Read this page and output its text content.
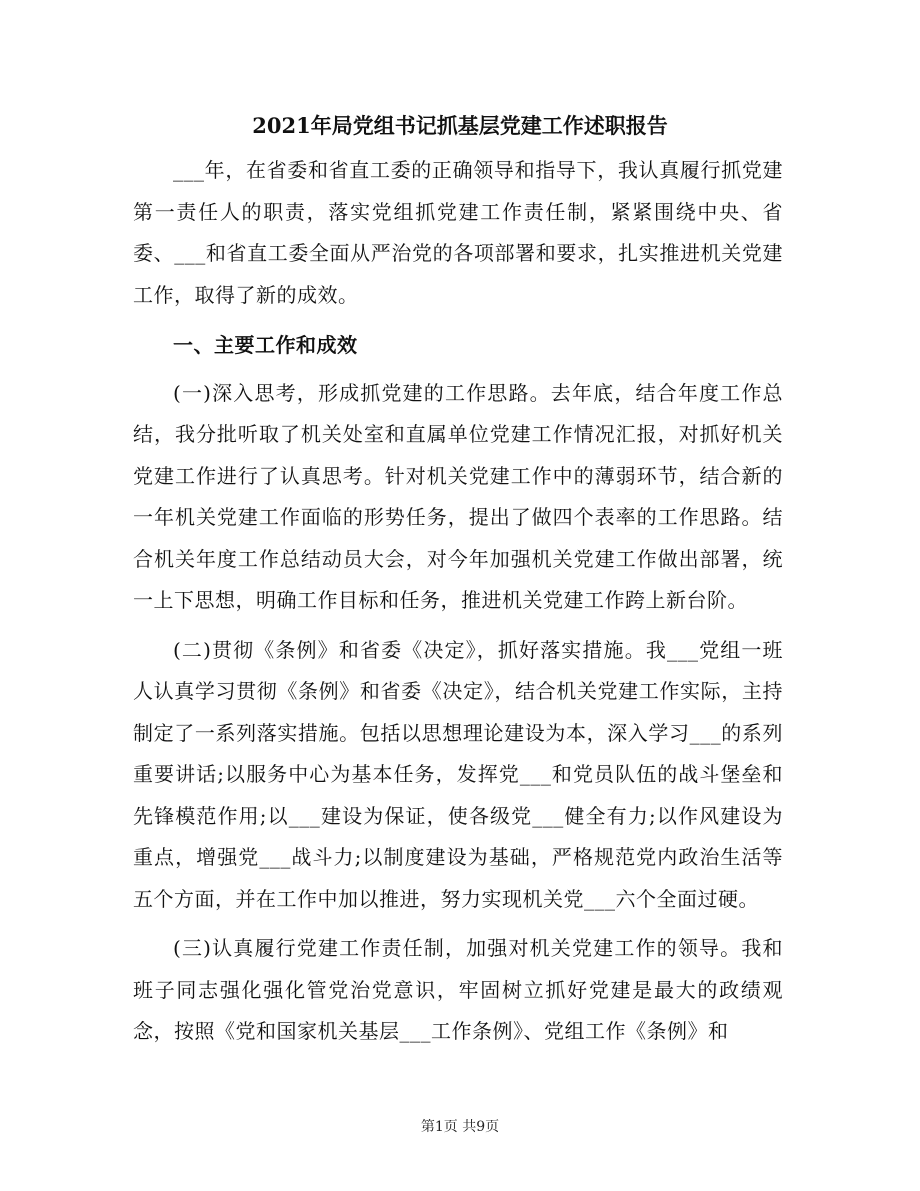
2021年局党组书记抓基层党建工作述职报告

___年，在省委和省直工委的正确领导和指导下，我认真履行抓党建第一责任人的职责，落实党组抓党建工作责任制，紧紧围绕中央、省委、___和省直工委全面从严治党的各项部署和要求，扎实推进机关党建工作，取得了新的成效。

一、主要工作和成效

(一)深入思考，形成抓党建的工作思路。去年底，结合年度工作总结，我分批听取了机关处室和直属单位党建工作情况汇报，对抓好机关党建工作进行了认真思考。针对机关党建工作中的薄弱环节，结合新的一年机关党建工作面临的形势任务，提出了做四个表率的工作思路。结合机关年度工作总结动员大会，对今年加强机关党建工作做出部署，统一上下思想，明确工作目标和任务，推进机关党建工作跨上新台阶。

(二)贯彻《条例》和省委《决定》，抓好落实措施。我___党组一班人认真学习贯彻《条例》和省委《决定》，结合机关党建工作实际，主持制定了一系列落实措施。包括以思想理论建设为本，深入学习___的系列重要讲话;以服务中心为基本任务，发挥党___和党员队伍的战斗堡垒和先锋模范作用;以___建设为保证，使各级党___健全有力;以作风建设为重点，增强党___战斗力;以制度建设为基础，严格规范党内政治生活等五个方面，并在工作中加以推进，努力实现机关党___六个全面过硬。

(三)认真履行党建工作责任制，加强对机关党建工作的领导。我和班子同志强化强化管党治党意识，牢固树立抓好党建是最大的政绩观念，按照《党和国家机关基层___工作条例》、党组工作《条例》和

第1页 共9页
